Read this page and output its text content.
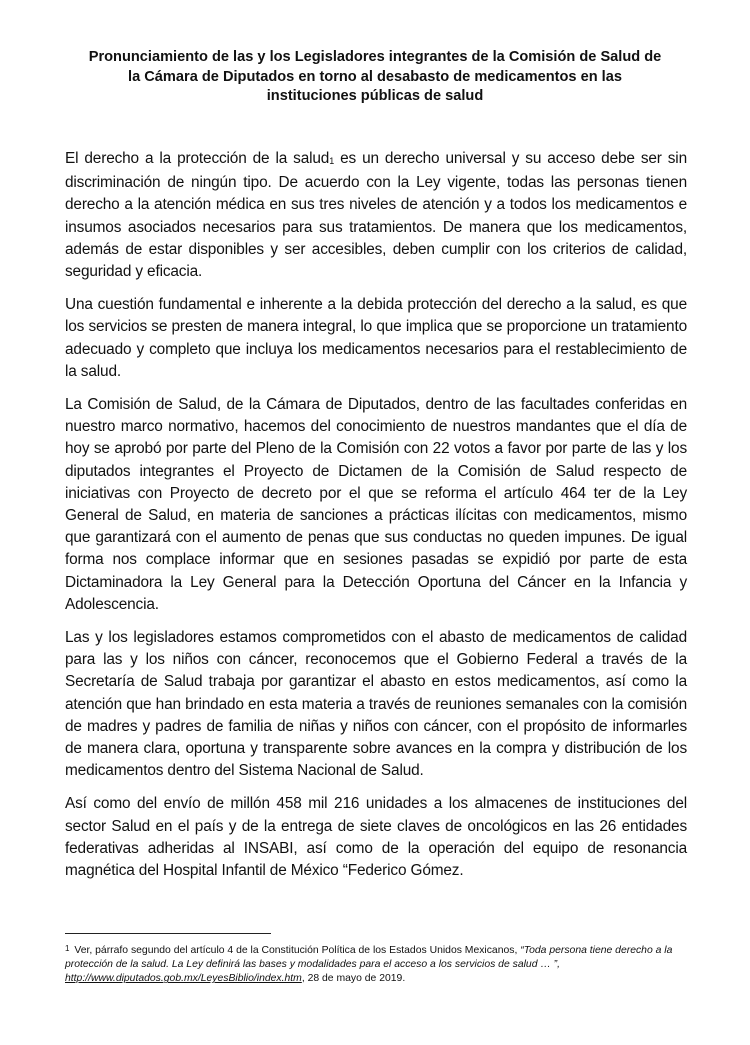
Pronunciamiento de las y los Legisladores integrantes de la Comisión de Salud de
la Cámara de Diputados en torno al desabasto de medicamentos en las
instituciones públicas de salud

El derecho a la protección de la salud1 es un derecho universal y su acceso debe ser sin discriminación de ningún tipo. De acuerdo con la Ley vigente, todas las personas tienen derecho a la atención médica en sus tres niveles de atención y a todos los medicamentos e insumos asociados necesarios para sus tratamientos. De manera que los medicamentos, además de estar disponibles y ser accesibles, deben cumplir con los criterios de calidad, seguridad y eficacia.

Una cuestión fundamental e inherente a la debida protección del derecho a la salud, es que los servicios se presten de manera integral, lo que implica que se proporcione un tratamiento adecuado y completo que incluya los medicamentos necesarios para el restablecimiento de la salud.

La Comisión de Salud, de la Cámara de Diputados, dentro de las facultades conferidas en nuestro marco normativo, hacemos del conocimiento de nuestros mandantes que el día de hoy se aprobó por parte del Pleno de la Comisión con 22 votos a favor por parte de las y los diputados integrantes el Proyecto de Dictamen de la Comisión de Salud respecto de iniciativas con Proyecto de decreto por el que se reforma el artículo 464 ter de la Ley General de Salud, en materia de sanciones a prácticas ilícitas con medicamentos, mismo que garantizará con el aumento de penas que sus conductas no queden impunes. De igual forma nos complace informar que en sesiones pasadas se expidió por parte de esta Dictaminadora la Ley General para la Detección Oportuna del Cáncer en la Infancia y Adolescencia.

Las y los legisladores estamos comprometidos con el abasto de medicamentos de calidad para las y los niños con cáncer, reconocemos que el Gobierno Federal a través de la Secretaría de Salud trabaja por garantizar el abasto en estos medicamentos, así como la atención que han brindado en esta materia a través de reuniones semanales con la comisión de madres y padres de familia de niñas y niños con cáncer, con el propósito de informarles de manera clara, oportuna y transparente sobre avances en la compra y distribución de los medicamentos dentro del Sistema Nacional de Salud.

Así como del envío de millón 458 mil 216 unidades a los almacenes de instituciones del sector Salud en el país y de la entrega de siete claves de oncológicos en las 26 entidades federativas adheridas al INSABI, así como de la operación del equipo de resonancia magnética del Hospital Infantil de México “Federico Gómez.

1 Ver, párrafo segundo del artículo 4 de la Constitución Política de los Estados Unidos Mexicanos, “Toda persona tiene derecho a la protección de la salud. La Ley definirá las bases y modalidades para el acceso a los servicios de salud … ”, http://www.diputados.gob.mx/LeyesBiblio/index.htm, 28 de mayo de 2019.
